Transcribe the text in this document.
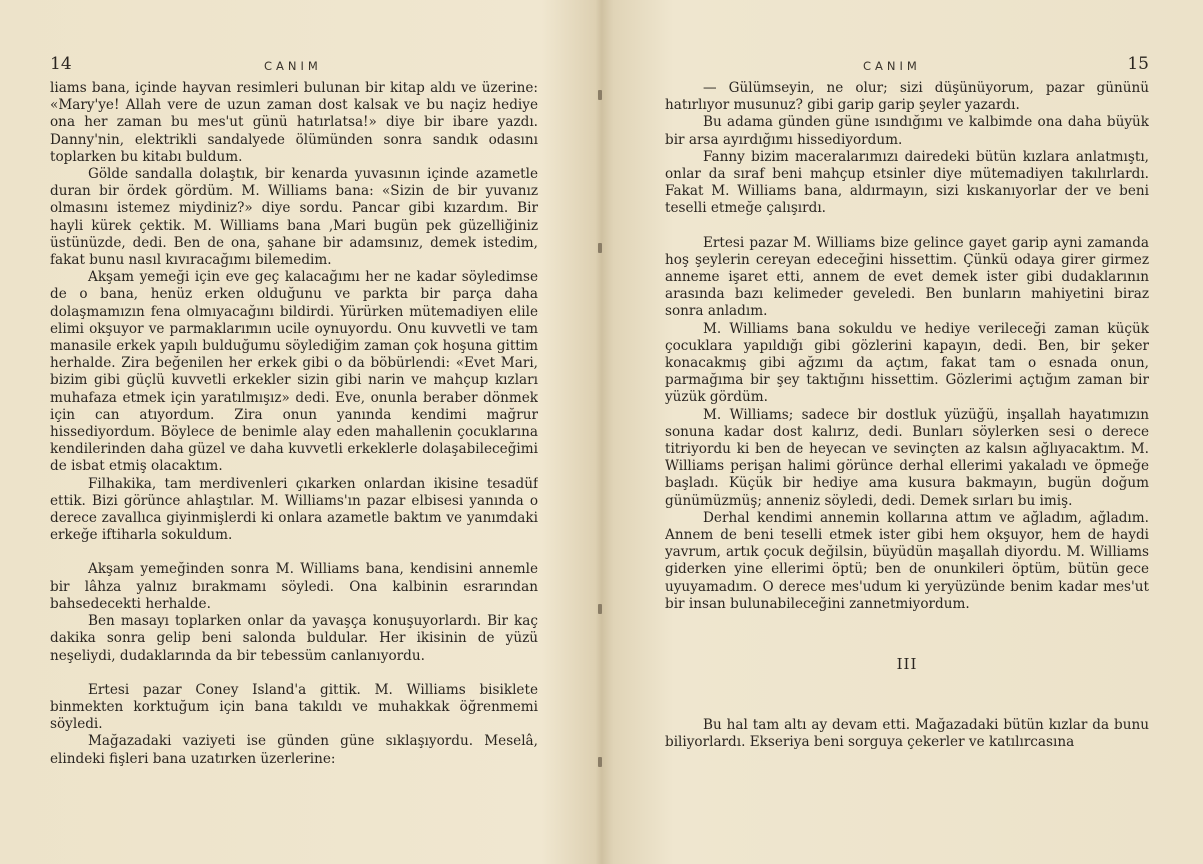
14	CANIM

liams bana, içinde hayvan resimleri bulunan bir kitap aldı ve üzerine: «Mary'ye! Allah vere de uzun zaman dost kalsak ve bu naçiz hediye ona her zaman bu mes'ut günü hatırlatsa!» diye bir ibare yazdı. Danny'nin, elektrikli sandalyede ölümünden sonra sandık odasını toplarken bu kitabı buldum.

Gölde sandalla dolaştık, bir kenarda yuvasının içinde azametle duran bir ördek gördüm. M. Williams bana: «Sizin de bir yuvanız olmasını istemez miydiniz?» diye sordu. Pancar gibi kızardım. Bir hayli kürek çektik. M. Williams bana ,Mari bugün pek güzelliğiniz üstünüzde, dedi. Ben de ona, şahane bir adamsınız, demek istedim, fakat bunu nasıl kıvıracağımı bilemedim.

Akşam yemeği için eve geç kalacağımı her ne kadar söyledimse de o bana, henüz erken olduğunu ve parkta bir parça daha dolaşmamızın fena olmıyacağını bildirdi. Yürürken mütemadiyen elile elimi okşuyor ve parmaklarımın ucile oynuyordu. Onu kuvvetli ve tam manasile erkek yapılı bulduğumu söylediğim zaman çok hoşuna gittim herhalde. Zira beğenilen her erkek gibi o da böbürlendi: «Evet Mari, bizim gibi güçlü kuvvetli erkekler sizin gibi narin ve mahçup kızları muhafaza etmek için yaratılmışız» dedi. Eve, onunla beraber dönmek için can atıyordum. Zira onun yanında kendimi mağrur hissediyordum. Böylece de benimle alay eden mahallenin çocuklarına kendilerinden daha güzel ve daha kuvvetli erkeklerle dolaşabileceğimi de isbat etmiş olacaktım.

Filhakika, tam merdivenleri çıkarken onlardan ikisine tesadüf ettik. Bizi görünce ahlaştılar. M. Williams'ın pazar elbisesi yanında o derece zavallıca giyinmişlerdi ki onlara azametle baktım ve yanımdaki erkeğe iftiharla sokuldum.

Akşam yemeğinden sonra M. Williams bana, kendisini annemle bir lâhza yalnız bırakmamı söyledi. Ona kalbinin esrarından bahsedecekti herhalde.

Ben masayı toplarken onlar da yavaşça konuşuyorlardı. Bir kaç dakika sonra gelip beni salonda buldular. Her ikisinin de yüzü neşeliydi, dudaklarında da bir tebessüm canlanıyordu.

Ertesi pazar Coney Island'a gittik. M. Williams bisiklete binmekten korktuğum için bana takıldı ve muhakkak öğrenmemi söyledi.

Mağazadaki vaziyeti ise günden güne sıklaşıyordu. Meselâ, elindeki fişleri bana uzatırken üzerlerine:

CANIM	15

— Gülümseyin, ne olur; sizi düşünüyorum, pazar gününü hatırlıyor musunuz? gibi garip garip şeyler yazardı.

Bu adama günden güne ısındığımı ve kalbimde ona daha büyük bir arsa ayırdığımı hissediyordum.

Fanny bizim maceralarımızı dairedeki bütün kızlara anlatmıştı, onlar da sıraf beni mahçup etsinler diye mütemadiyen takılırlardı. Fakat M. Williams bana, aldırmayın, sizi kıskanıyorlar der ve beni teselli etmeğe çalışırdı.

Ertesi pazar M. Williams bize gelince gayet garip ayni zamanda hoş şeylerin cereyan edeceğini hissettim. Çünkü odaya girer girmez anneme işaret etti, annem de evet demek ister gibi dudaklarının arasında bazı kelimeder geveledi. Ben bunların mahiyetini biraz sonra anladım.

M. Williams bana sokuldu ve hediye verileceği zaman küçük çocuklara yapıldığı gibi gözlerini kapayın, dedi. Ben, bir şeker konacakmış gibi ağzımı da açtım, fakat tam o esnada onun, parmağıma bir şey taktığını hissettim. Gözlerimi açtığım zaman bir yüzük gördüm.

M. Williams; sadece bir dostluk yüzüğü, inşallah hayatımızın sonuna kadar dost kalırız, dedi. Bunları söylerken sesi o derece titriyordu ki ben de heyecan ve sevinçten az kalsın ağlıyacaktım. M. Williams perişan halimi görünce derhal ellerimi yakaladı ve öpmeğe başladı. Küçük bir hediye ama kusura bakmayın, bugün doğum günümüzmüş; anneniz söyledi, dedi. Demek sırları bu imiş.

Derhal kendimi annemin kollarına attım ve ağladım, ağladım. Annem de beni teselli etmek ister gibi hem okşuyor, hem de haydi yavrum, artık çocuk değilsin, büyüdün maşallah diyordu. M. Williams giderken yine ellerimi öptü; ben de onunkileri öptüm, bütün gece uyuyamadım. O derece mes'udum ki yeryüzünde benim kadar mes'ut bir insan bulunabileceğini zannetmiyordum.

III

Bu hal tam altı ay devam etti. Mağazadaki bütün kızlar da bunu biliyorlardı. Ekseriya beni sorguya çekerler ve katılırcasına
